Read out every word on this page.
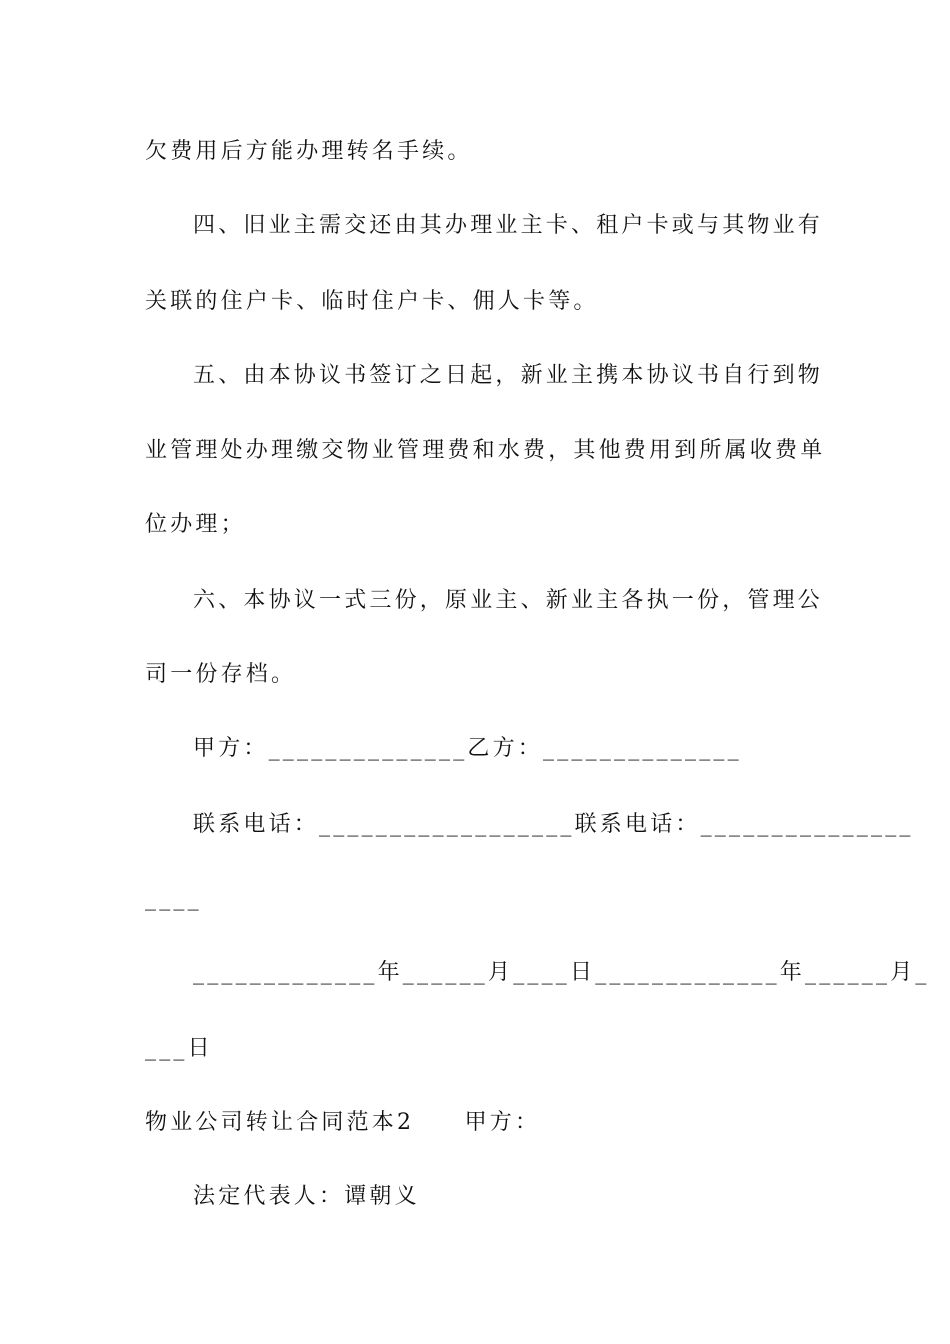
欠费用后方能办理转名手续。
四、旧业主需交还由其办理业主卡、租户卡或与其物业有
关联的住户卡、临时住户卡、佣人卡等。
五、由本协议书签订之日起，新业主携本协议书自行到物
业管理处办理缴交物业管理费和水费，其他费用到所属收费单
位办理；
六、本协议一式三份，原业主、新业主各执一份，管理公
司一份存档。
甲方：______________乙方：______________
联系电话：__________________联系电话：_______________
____
_____________年______月____日_____________年______月_
___日
物业公司转让合同范本2　　甲方：
法定代表人：谭朝义
